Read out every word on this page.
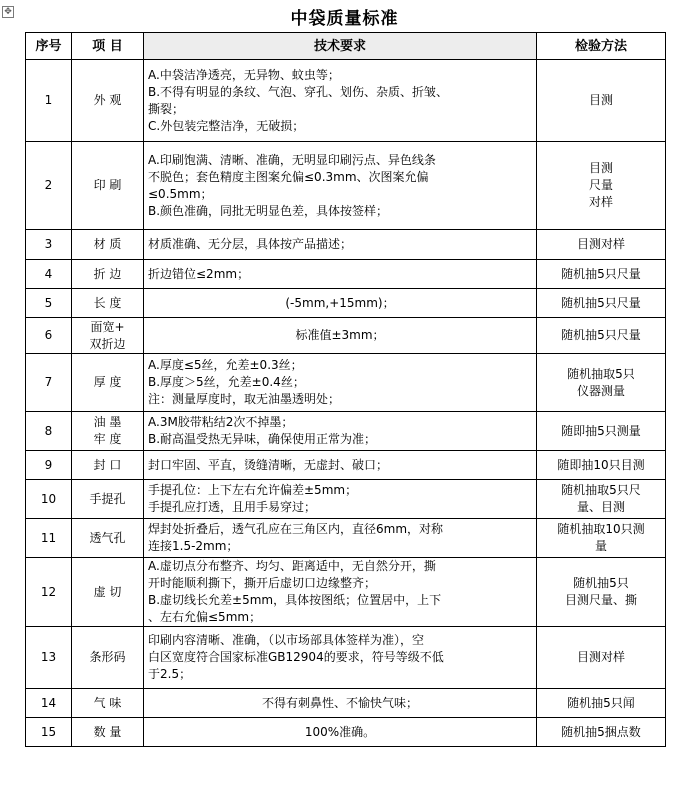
✥	中袋质量标准
序号	项 目	技术要求	检验方法
1	外 观	A.中袋洁净透亮，无异物、蚊虫等；
B.不得有明显的条纹、气泡、穿孔、划伤、杂质、折皱、
撕裂；
C.外包装完整洁净，无破损；	目测

2	印 刷	A.印刷饱满、清晰、准确，无明显印刷污点、异色线条
不脱色；套色精度主图案允偏≤0.3mm、次图案允偏
≤0.5mm；
B.颜色准确，同批无明显色差，具体按签样；	目测
尺量
对样

3	材 质	材质准确、无分层，具体按产品描述；	目测对样

4	折 边	折边错位≤2mm；	随机抽5只尺量

5	长 度	(-5mm,+15mm)；	随机抽5只尺量

6	面宽+
双折边	标准值±3mm；	随机抽5只尺量

7	厚 度	A.厚度≤5丝，允差±0.3丝；
B.厚度＞5丝，允差±0.4丝；
注：测量厚度时，取无油墨透明处；	随机抽取5只
仪器测量

8	油 墨
牢 度	A.3M胶带粘结2次不掉墨；
B.耐高温受热无异味，确保使用正常为准；	随即抽5只测量

9	封 口	封口牢固、平直，烫缝清晰，无虚封、破口；	随即抽10只目测

10	手提孔	手提孔位：上下左右允许偏差±5mm；
手提孔应打透，且用手易穿过；	随机抽取5只尺
量、目测

11	透气孔	焊封处折叠后，透气孔应在三角区内，直径6mm，对称
连接1.5-2mm；	随机抽取10只测
量

12	虚 切	A.虚切点分布整齐、均匀、距离适中，无自然分开，撕
开时能顺利撕下，撕开后虚切口边缘整齐；
B.虚切线长允差±5mm，具体按图纸；位置居中，上下
、左右允偏≤5mm；	随机抽5只
目测尺量、撕

13	条形码	印刷内容清晰、准确，（以市场部具体签样为准），空
白区宽度符合国家标准GB12904的要求，符号等级不低
于2.5；	目测对样

14	气 味	不得有刺鼻性、不愉快气味；	随机抽5只闻

15	数 量	100%准确。	随机抽5捆点数
